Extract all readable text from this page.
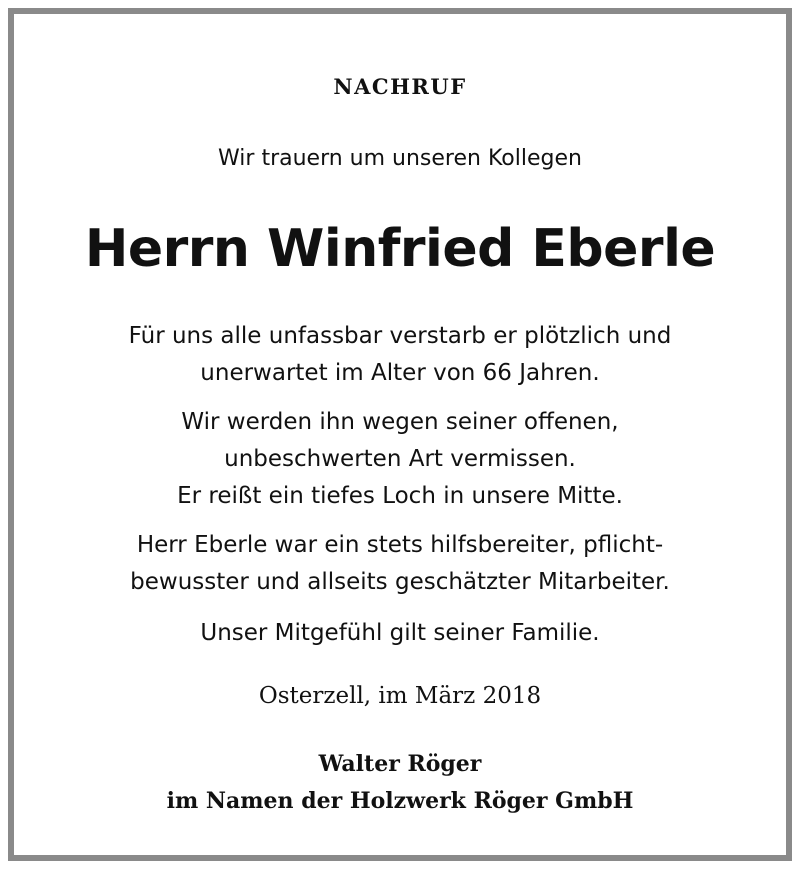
NACHRUF
Wir trauern um unseren Kollegen
Herrn Winfried Eberle
Für uns alle unfassbar verstarb er plötzlich und
unerwartet im Alter von 66 Jahren.
Wir werden ihn wegen seiner offenen,
unbeschwerten Art vermissen.
Er reißt ein tiefes Loch in unsere Mitte.
Herr Eberle war ein stets hilfsbereiter, pflicht-
bewusster und allseits geschätzter Mitarbeiter.
Unser Mitgefühl gilt seiner Familie.
Osterzell, im März 2018
Walter Röger
im Namen der Holzwerk Röger GmbH
